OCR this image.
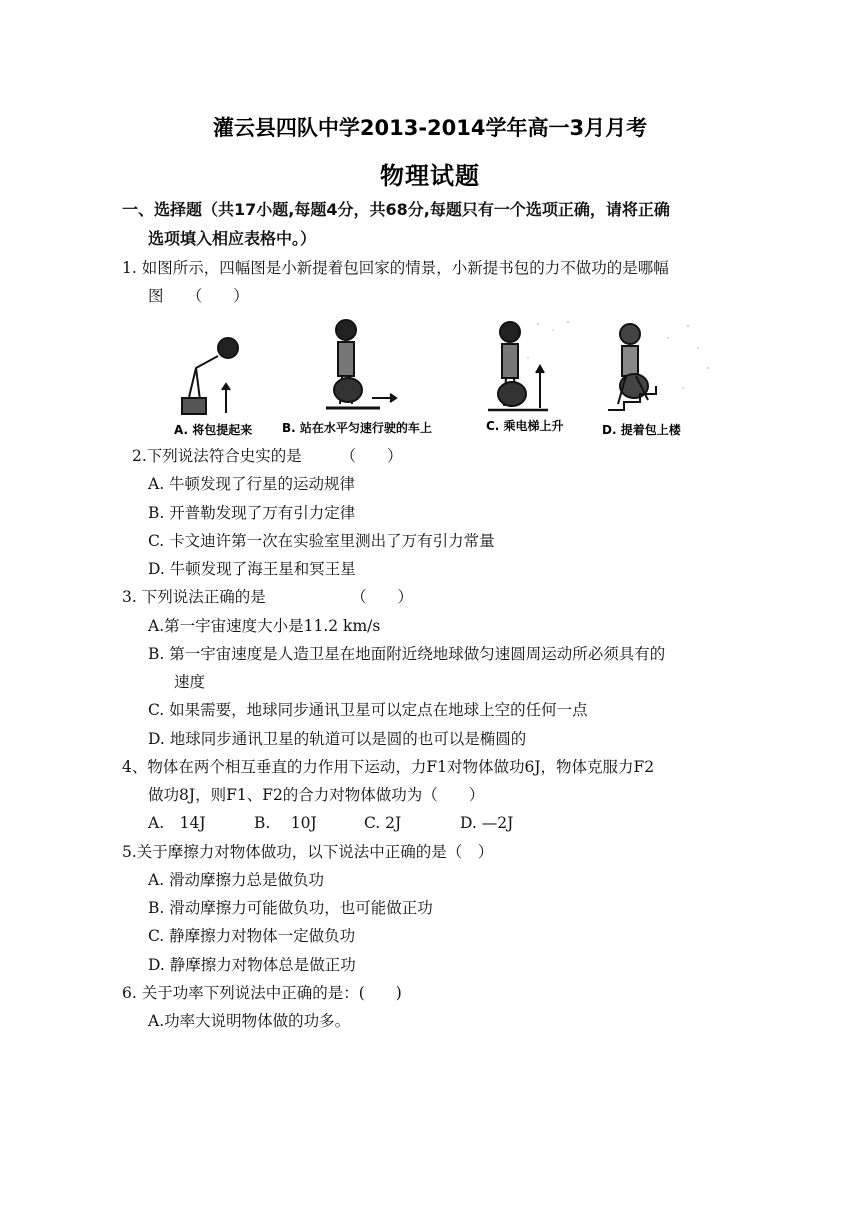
灌云县四队中学2013-2014学年高一3月月考
物理试题
一、选择题（共17小题,每题4分，共68分,每题只有一个选项正确，请将正确
选项填入相应表格中。）
1. 如图所示，四幅图是小新提着包回家的情景，小新提书包的力不做功的是哪幅
图　　（　　）
A. 将包提起来 B. 站在水平匀速行驶的车上	C. 乘电梯上升	D. 提着包上楼
2.下列说法符合史实的是　　　（　　）
A. 牛顿发现了行星的运动规律
B. 开普勒发现了万有引力定律
C. 卡文迪许第一次在实验室里测出了万有引力常量
D. 牛顿发现了海王星和冥王星
3. 下列说法正确的是　　　　　　（　　）
A.第一宇宙速度大小是11.2 km/s
B. 第一宇宙速度是人造卫星在地面附近绕地球做匀速圆周运动所必须具有的
速度
C. 如果需要，地球同步通讯卫星可以定点在地球上空的任何一点
D. 地球同步通讯卫星的轨道可以是圆的也可以是椭圆的
4、物体在两个相互垂直的力作用下运动，力F1对物体做功6J，物体克服力F2
做功8J，则F1、F2的合力对物体做功为（　　）
A.　14J	B.　 10J	C. 2J	D. —2J
5.关于摩擦力对物体做功，以下说法中正确的是（　）
A. 滑动摩擦力总是做负功
B. 滑动摩擦力可能做负功，也可能做正功
C. 静摩擦力对物体一定做负功
D. 静摩擦力对物体总是做正功
6. 关于功率下列说法中正确的是：(　　)
A.功率大说明物体做的功多。
